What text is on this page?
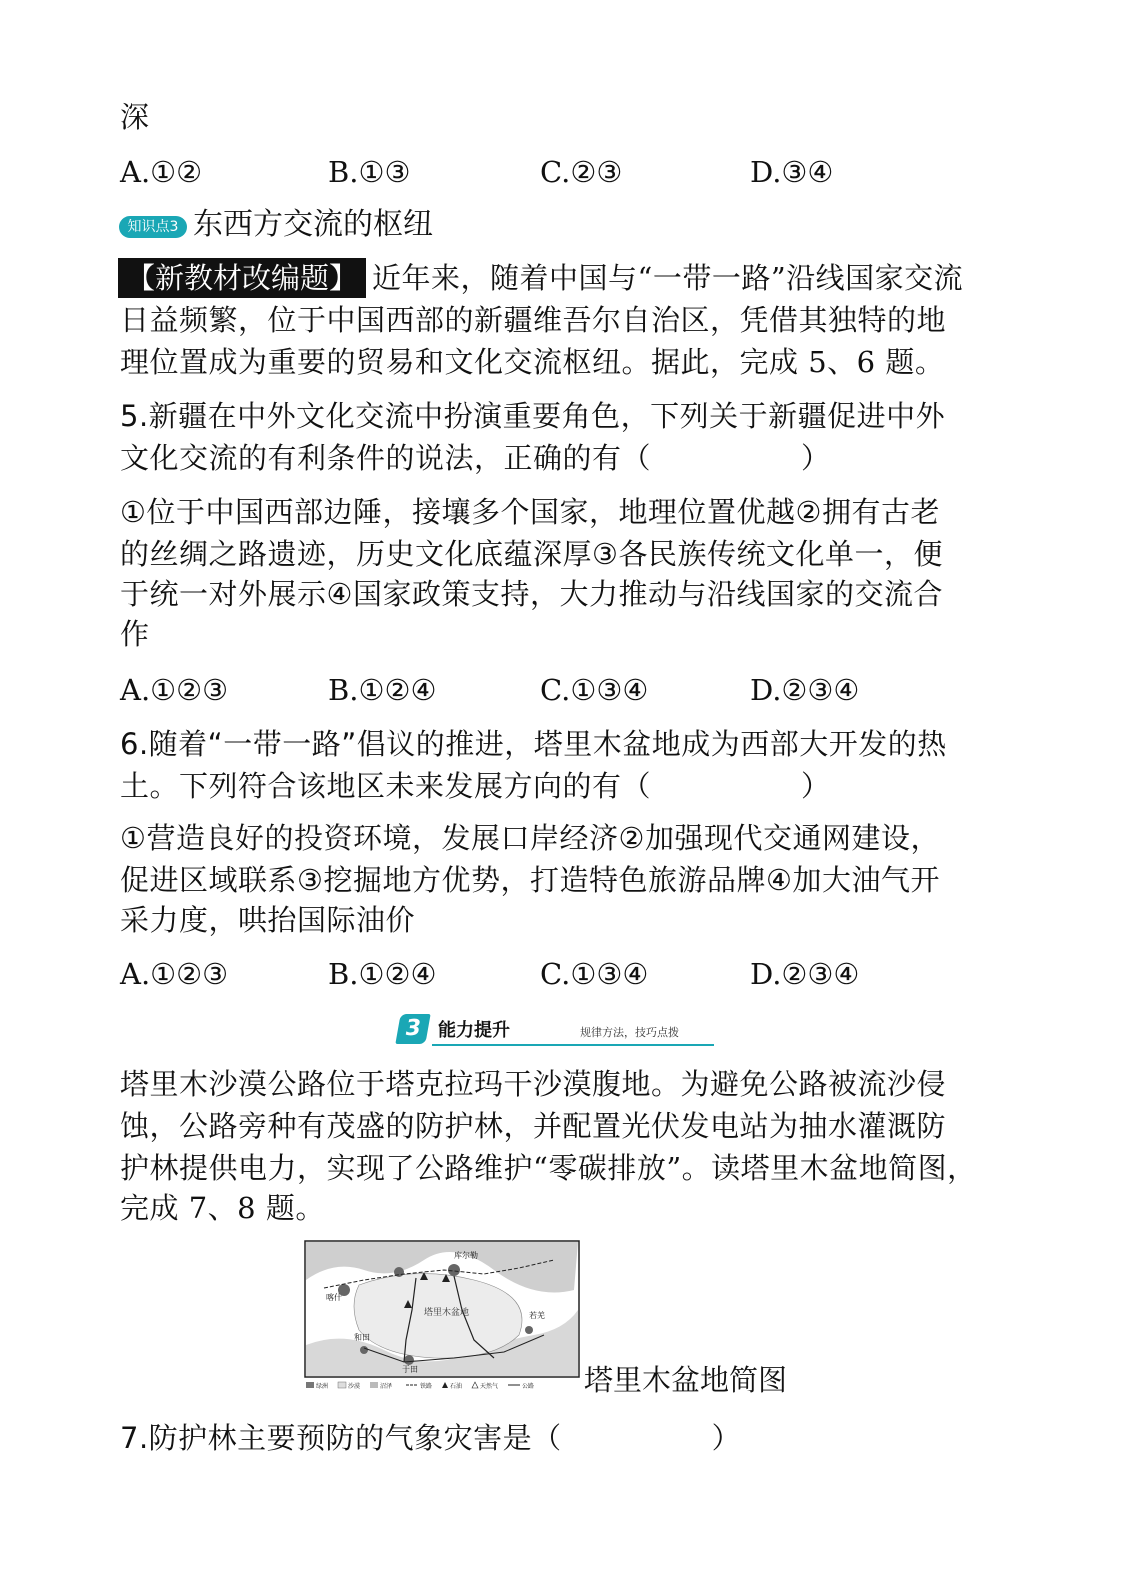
深
A.①②	B.①③	C.②③	D.③④
知识点3 东西方交流的枢纽
【新教材改编题】 近年来，随着中国与“一带一路”沿线国家交流
日益频繁，位于中国西部的新疆维吾尔自治区，凭借其独特的地
理位置成为重要的贸易和文化交流枢纽。据此，完成 5、6 题。
5.新疆在中外文化交流中扮演重要角色，下列关于新疆促进中外
文化交流的有利条件的说法，正确的有（	）
①位于中国西部边陲，接壤多个国家，地理位置优越②拥有古老
的丝绸之路遗迹，历史文化底蕴深厚③各民族传统文化单一，便
于统一对外展示④国家政策支持，大力推动与沿线国家的交流合
作
A.①②③	B.①②④	C.①③④	D.②③④
6.随着“一带一路”倡议的推进，塔里木盆地成为西部大开发的热
土。下列符合该地区未来发展方向的有（	）
①营造良好的投资环境，发展口岸经济②加强现代交通网建设，
促进区域联系③挖掘地方优势，打造特色旅游品牌④加大油气开
采力度，哄抬国际油价
A.①②③	B.①②④	C.①③④	D.②③④
3 能力提升	规律方法，技巧点拨
塔里木沙漠公路位于塔克拉玛干沙漠腹地。为避免公路被流沙侵
蚀，公路旁种有茂盛的防护林，并配置光伏发电站为抽水灌溉防
护林提供电力，实现了公路维护“零碳排放”。读塔里木盆地简图，
完成 7、8 题。
库尔勒
喀什
于田
和田
若羌
塔里木盆地
绿洲	沙漠	沼泽	铁路	石油	天然气	公路 塔里木盆地简图
7.防护林主要预防的气象灾害是（	）
